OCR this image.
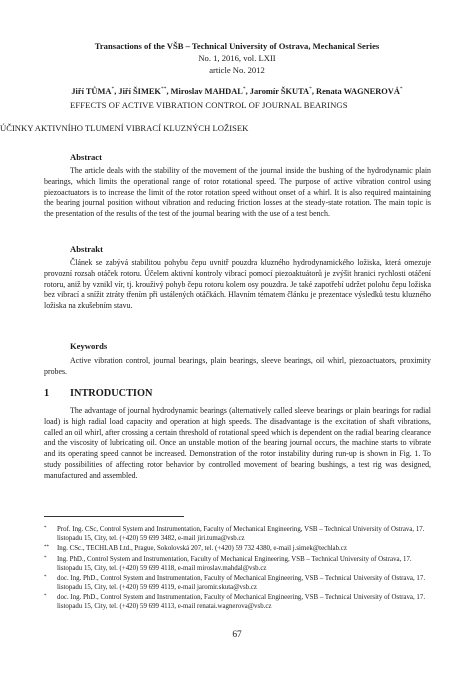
Transactions of the VŠB – Technical University of Ostrava, Mechanical Series
No. 1, 2016, vol. LXII
article No. 2012
Jiří TŮMA*, Jiří ŠIMEK**, Miroslav MAHDAL*, Jaromír ŠKUTA*, Renata WAGNEROVÁ*
EFFECTS OF ACTIVE VIBRATION CONTROL OF JOURNAL BEARINGS
ÚČINKY AKTIVNÍHO TLUMENÍ VIBRACÍ KLUZNÝCH LOŽISEK
Abstract

The article deals with the stability of the movement of the journal inside the bushing of the hydrodynamic plain bearings, which limits the operational range of rotor rotational speed. The purpose of active vibration control using piezoactuators is to increase the limit of the rotor rotation speed without onset of a whirl. It is also required maintaining the bearing journal position without vibration and reducing friction losses at the steady-state rotation. The main topic is the presentation of the results of the test of the journal bearing with the use of a test bench.

Abstrakt

Článek se zabývá stabilitou pohybu čepu uvnitř pouzdra kluzného hydrodynamického ložiska, která omezuje provozní rozsah otáček rotoru. Účelem aktivní kontroly vibrací pomocí piezoaktuátorů je zvýšit hranici rychlosti otáčení rotoru, aniž by vznikl vír, tj. krouživý pohyb čepu rotoru kolem osy pouzdra. Je také zapotřebí udržet polohu čepu ložiska bez vibrací a snížit ztráty třením při ustálených otáčkách. Hlavním tématem článku je prezentace výsledků testu kluzného ložiska na zkušebním stavu.

Keywords

Active vibration control, journal bearings, plain bearings, sleeve bearings, oil whirl, piezoactuators, proximity probes.

1 INTRODUCTION

The advantage of journal hydrodynamic bearings (alternatively called sleeve bearings or plain bearings for radial load) is high radial load capacity and operation at high speeds. The disadvantage is the excitation of shaft vibrations, called an oil whirl, after crossing a certain threshold of rotational speed which is dependent on the radial bearing clearance and the viscosity of lubricating oil. Once an unstable motion of the bearing journal occurs, the machine starts to vibrate and its operating speed cannot be increased. Demonstration of the rotor instability during run-up is shown in Fig. 1. To study possibilities of affecting rotor behavior by controlled movement of bearing bushings, a test rig was designed, manufactured and assembled.

* Prof. Ing. CSc, Control System and Instrumentation, Faculty of Mechanical Engineering, VSB – Technical University of Ostrava, 17. listopadu 15, City, tel. (+420) 59 699 3482, e-mail jiri.tuma@vsb.cz
** Ing. CSc., TECHLAB Ltd., Prague, Sokolovská 207, tel. (+420) 59 732 4380, e-mail j.simek@techlab.cz
* Ing. PhD., Control System and Instrumentation, Faculty of Mechanical Engineering, VSB – Technical University of Ostrava, 17. listopadu 15, City, tel. (+420) 59 699 4118, e-mail miroslav.mahdal@vsb.cz
* doc. Ing. PhD., Control System and Instrumentation, Faculty of Mechanical Engineering, VSB – Technical University of Ostrava, 17. listopadu 15, City, tel. (+420) 59 699 4119, e-mail jaromir.skuta@vsb.cz
* doc. Ing. PhD., Control System and Instrumentation, Faculty of Mechanical Engineering, VSB – Technical University of Ostrava, 17. listopadu 15, City, tel. (+420) 59 699 4113, e-mail renatai.wagnerova@vsb.cz
67
